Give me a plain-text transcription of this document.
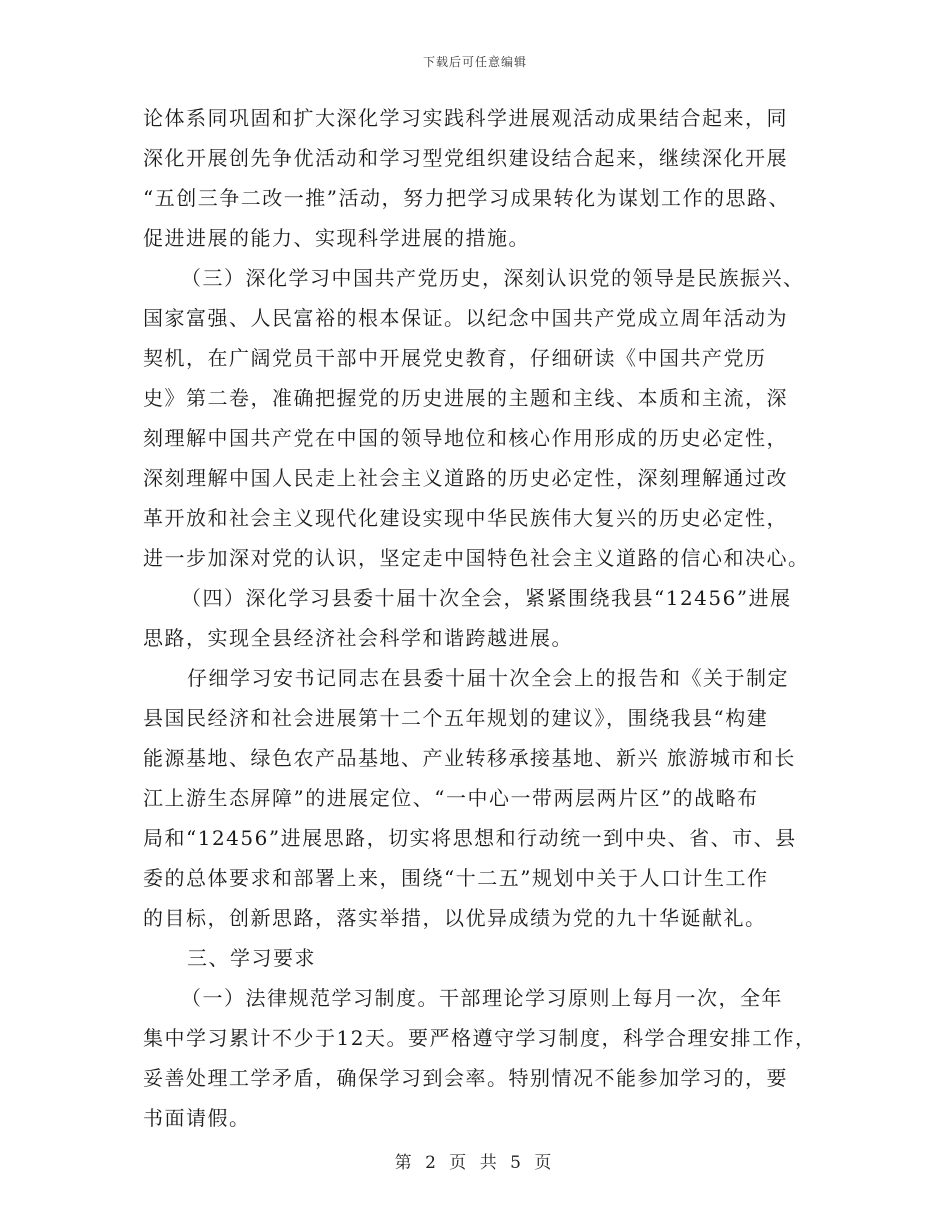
下载后可任意编辑
论体系同巩固和扩大深化学习实践科学进展观活动成果结合起来，同
深化开展创先争优活动和学习型党组织建设结合起来，继续深化开展
“五创三争二改一推”活动，努力把学习成果转化为谋划工作的思路、
促进进展的能力、实现科学进展的措施。
（三）深化学习中国共产党历史，深刻认识党的领导是民族振兴、
国家富强、人民富裕的根本保证。以纪念中国共产党成立周年活动为
契机，在广阔党员干部中开展党史教育，仔细研读《中国共产党历
史》第二卷，准确把握党的历史进展的主题和主线、本质和主流，深
刻理解中国共产党在中国的领导地位和核心作用形成的历史必定性，
深刻理解中国人民走上社会主义道路的历史必定性，深刻理解通过改
革开放和社会主义现代化建设实现中华民族伟大复兴的历史必定性，
进一步加深对党的认识，坚定走中国特色社会主义道路的信心和决心。
（四）深化学习县委十届十次全会，紧紧围绕我县“12456”进展
思路，实现全县经济社会科学和谐跨越进展。
仔细学习安书记同志在县委十届十次全会上的报告和《关于制定
县国民经济和社会进展第十二个五年规划的建议》，围绕我县“构建
能源基地、绿色农产品基地、产业转移承接基地、新兴 旅游城市和长
江上游生态屏障”的进展定位、“一中心一带两层两片区”的战略布
局和“12456”进展思路，切实将思想和行动统一到中央、省、市、县
委的总体要求和部署上来，围绕“十二五”规划中关于人口计生工作
的目标，创新思路，落实举措，以优异成绩为党的九十华诞献礼。
三、学习要求
（一）法律规范学习制度。干部理论学习原则上每月一次，全年
集中学习累计不少于12天。要严格遵守学习制度，科学合理安排工作，
妥善处理工学矛盾，确保学习到会率。特别情况不能参加学习的，要
书面请假。
第 2 页 共 5 页
